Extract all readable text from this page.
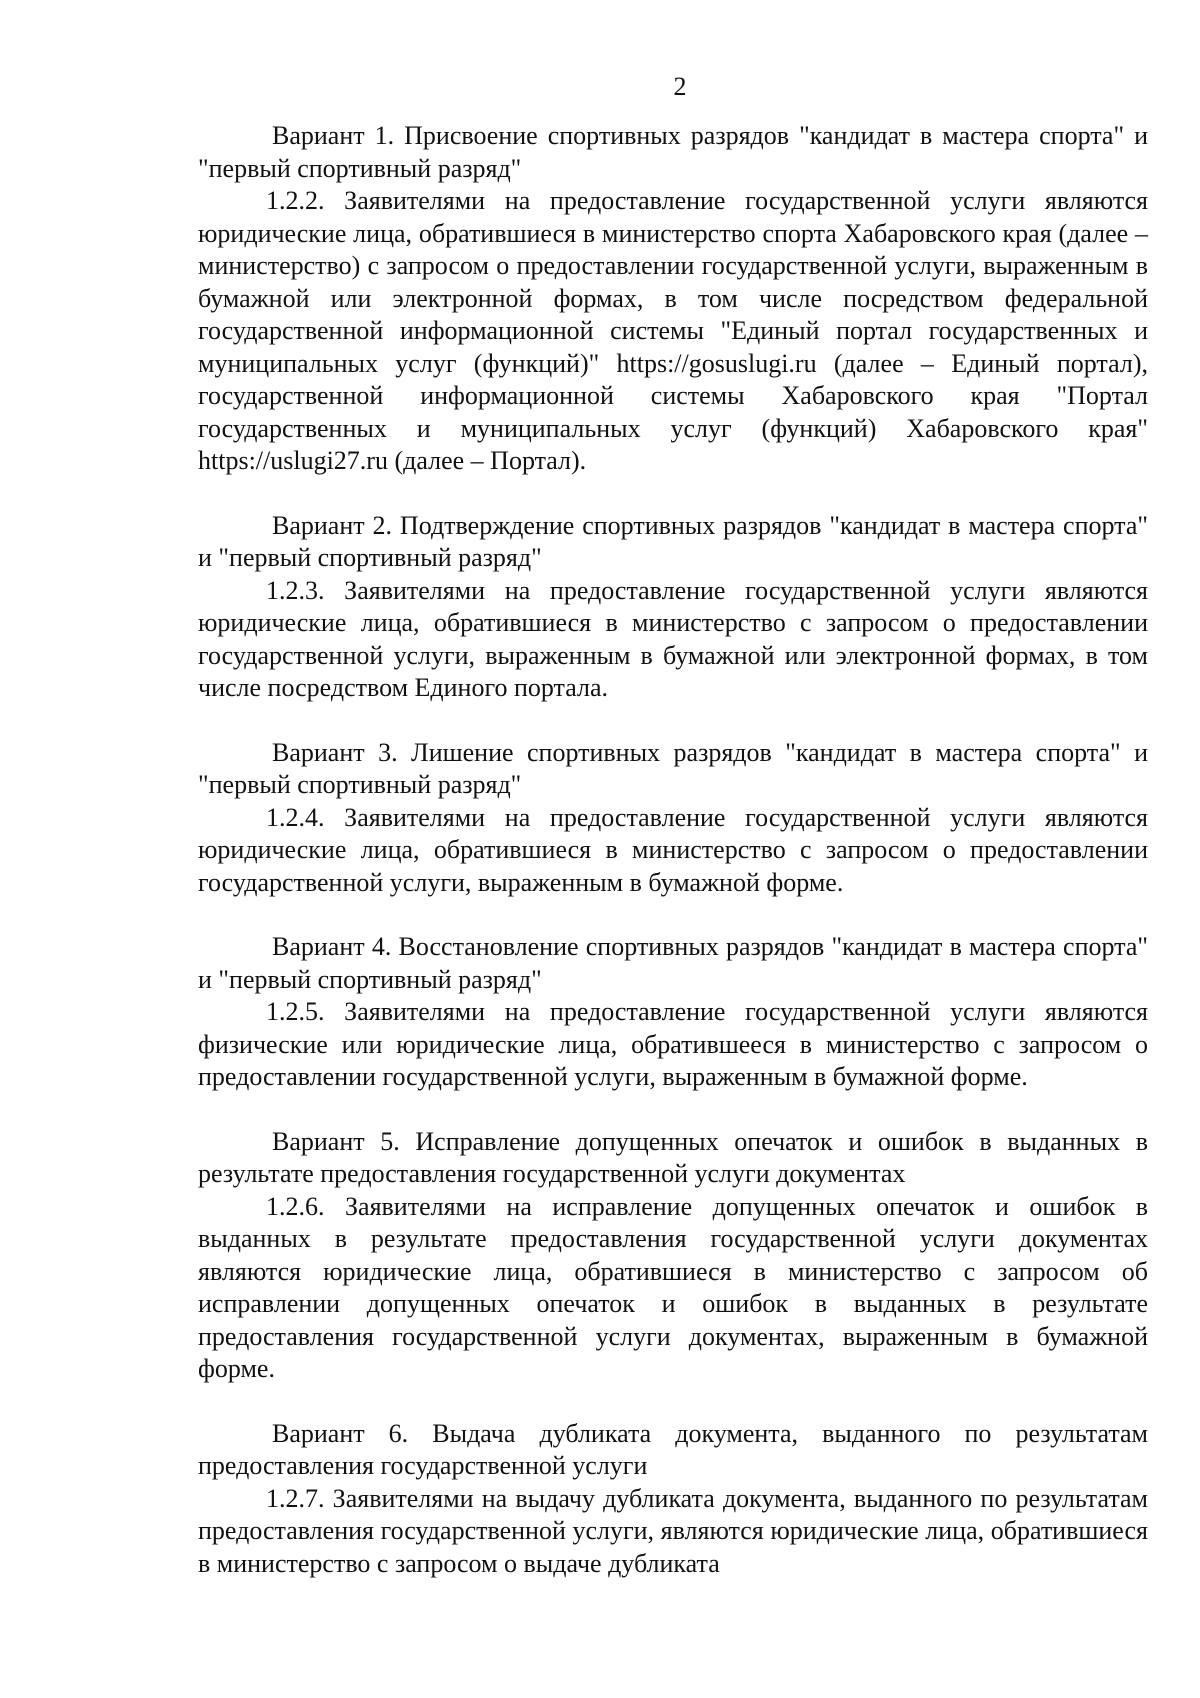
2

Вариант 1. Присвоение спортивных разрядов "кандидат в мастера спорта" и "первый спортивный разряд"

1.2.2. Заявителями на предоставление государственной услуги являются юридические лица, обратившиеся в министерство спорта Хабаровского края (далее – министерство) с запросом о предоставлении государственной услуги, выраженным в бумажной или электронной формах, в том числе посредством федеральной государственной информационной системы "Единый портал государственных и муниципальных услуг (функций)" https://gosuslugi.ru (далее – Единый портал), государственной информационной системы Хабаровского края "Портал государственных и муниципальных услуг (функций) Хабаровского края" https://uslugi27.ru (далее – Портал).

Вариант 2. Подтверждение спортивных разрядов "кандидат в мастера спорта" и "первый спортивный разряд"

1.2.3. Заявителями на предоставление государственной услуги являются юридические лица, обратившиеся в министерство с запросом о предоставлении государственной услуги, выраженным в бумажной или электронной формах, в том числе посредством Единого портала.

Вариант 3. Лишение спортивных разрядов "кандидат в мастера спорта" и "первый спортивный разряд"

1.2.4. Заявителями на предоставление государственной услуги являются юридические лица, обратившиеся в министерство с запросом о предоставлении государственной услуги, выраженным в бумажной форме.

Вариант 4. Восстановление спортивных разрядов "кандидат в мастера спорта" и "первый спортивный разряд"

1.2.5. Заявителями на предоставление государственной услуги являются физические или юридические лица, обратившееся в министерство с запросом о предоставлении государственной услуги, выраженным в бумажной форме.

Вариант 5. Исправление допущенных опечаток и ошибок в выданных в результате предоставления государственной услуги документах

1.2.6. Заявителями на исправление допущенных опечаток и ошибок в выданных в результате предоставления государственной услуги документах являются юридические лица, обратившиеся в министерство с запросом об исправлении допущенных опечаток и ошибок в выданных в результате предоставления государственной услуги документах, выраженным в бумажной форме.

Вариант 6. Выдача дубликата документа, выданного по результатам предоставления государственной услуги

1.2.7. Заявителями на выдачу дубликата документа, выданного по результатам предоставления государственной услуги, являются юридические лица, обратившиеся в министерство с запросом о выдаче дубликата
